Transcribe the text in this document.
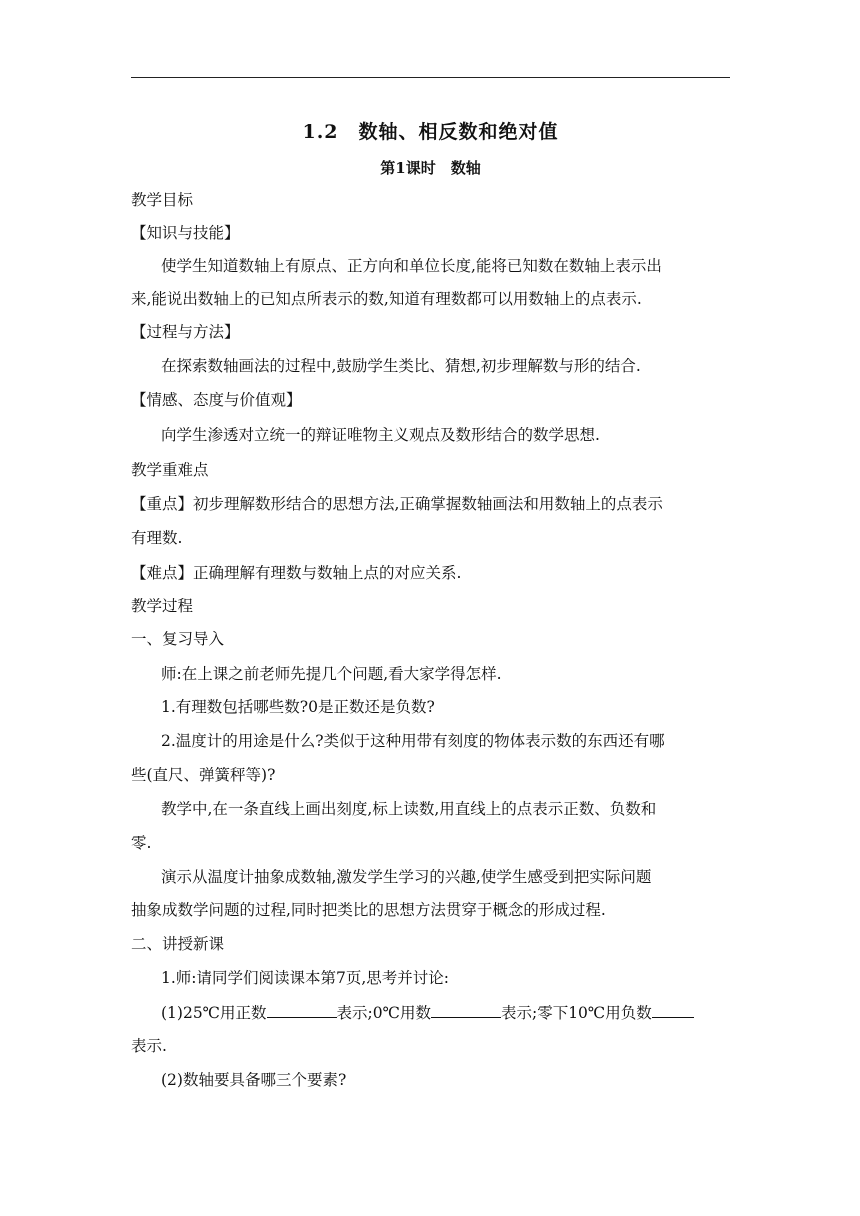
1.2　数轴、相反数和绝对值
第1课时　数轴
教学目标
【知识与技能】
使学生知道数轴上有原点、正方向和单位长度,能将已知数在数轴上表示出
来,能说出数轴上的已知点所表示的数,知道有理数都可以用数轴上的点表示.
【过程与方法】
在探索数轴画法的过程中,鼓励学生类比、猜想,初步理解数与形的结合.
【情感、态度与价值观】
向学生渗透对立统一的辩证唯物主义观点及数形结合的数学思想.
教学重难点
【重点】初步理解数形结合的思想方法,正确掌握数轴画法和用数轴上的点表示
有理数.
【难点】正确理解有理数与数轴上点的对应关系.
教学过程
一、复习导入
师:在上课之前老师先提几个问题,看大家学得怎样.
1.有理数包括哪些数?0是正数还是负数?
2.温度计的用途是什么?类似于这种用带有刻度的物体表示数的东西还有哪
些(直尺、弹簧秤等)?
教学中,在一条直线上画出刻度,标上读数,用直线上的点表示正数、负数和
零.
演示从温度计抽象成数轴,激发学生学习的兴趣,使学生感受到把实际问题
抽象成数学问题的过程,同时把类比的思想方法贯穿于概念的形成过程.
二、讲授新课
1.师:请同学们阅读课本第7页,思考并讨论:
(1)25℃用正数	表示;0℃用数	表示;零下10℃用负数
表示.
(2)数轴要具备哪三个要素?
